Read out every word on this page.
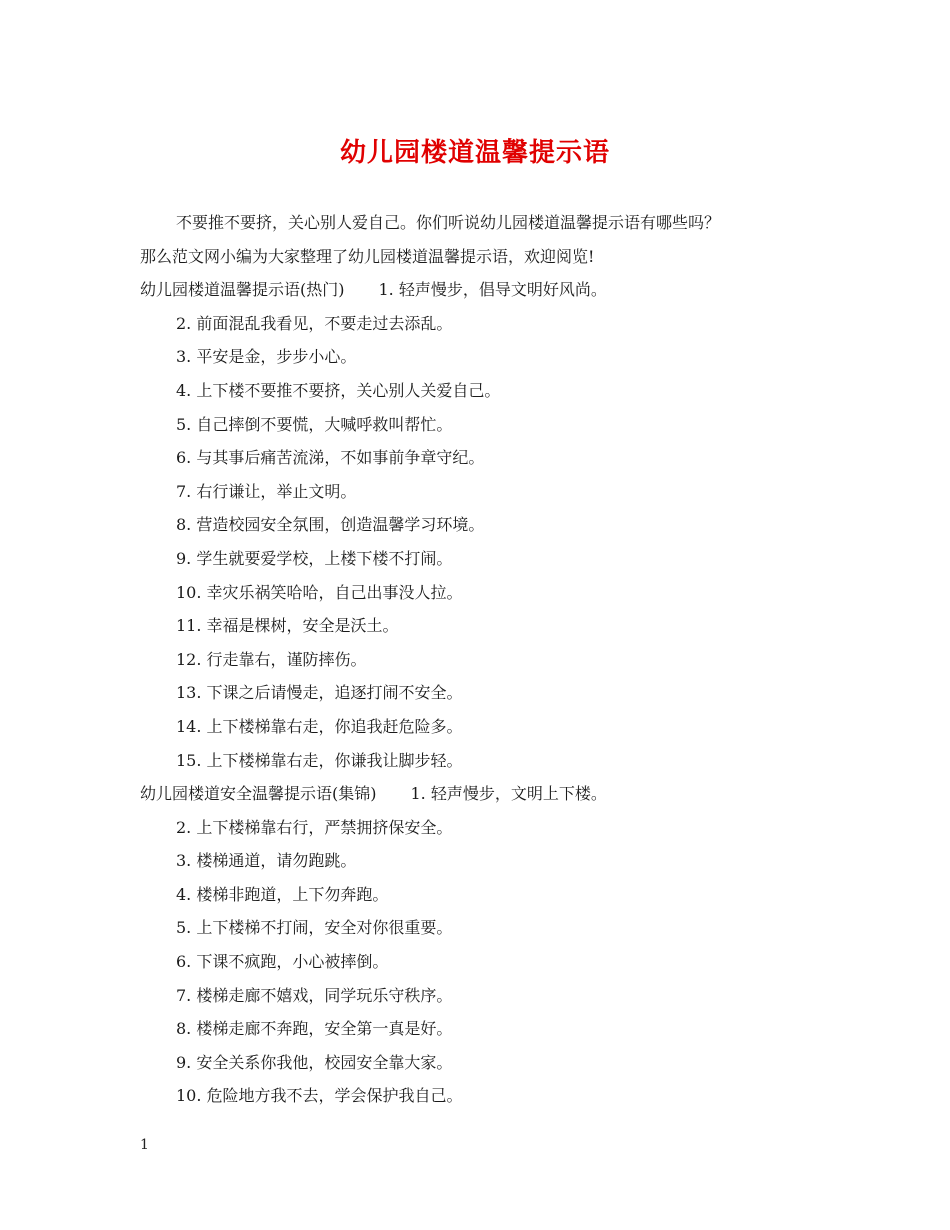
幼儿园楼道温馨提示语
不要推不要挤，关心别人爱自己。你们听说幼儿园楼道温馨提示语有哪些吗？
那么范文网小编为大家整理了幼儿园楼道温馨提示语，欢迎阅览!
幼儿园楼道温馨提示语(热门) 1. 轻声慢步，倡导文明好风尚。
2. 前面混乱我看见，不要走过去添乱。
3. 平安是金，步步小心。
4. 上下楼不要推不要挤，关心别人关爱自己。
5. 自己摔倒不要慌，大喊呼救叫帮忙。
6. 与其事后痛苦流涕，不如事前争章守纪。
7. 右行谦让，举止文明。
8. 营造校园安全氛围，创造温馨学习环境。
9. 学生就要爱学校，上楼下楼不打闹。
10. 幸灾乐祸笑哈哈，自己出事没人拉。
11. 幸福是棵树，安全是沃土。
12. 行走靠右，谨防摔伤。
13. 下课之后请慢走，追逐打闹不安全。
14. 上下楼梯靠右走，你追我赶危险多。
15. 上下楼梯靠右走，你谦我让脚步轻。
幼儿园楼道安全温馨提示语(集锦) 1. 轻声慢步，文明上下楼。
2. 上下楼梯靠右行，严禁拥挤保安全。
3. 楼梯通道，请勿跑跳。
4. 楼梯非跑道，上下勿奔跑。
5. 上下楼梯不打闹，安全对你很重要。
6. 下课不疯跑，小心被摔倒。
7. 楼梯走廊不嬉戏，同学玩乐守秩序。
8. 楼梯走廊不奔跑，安全第一真是好。
9. 安全关系你我他，校园安全靠大家。
10. 危险地方我不去，学会保护我自己。
1
